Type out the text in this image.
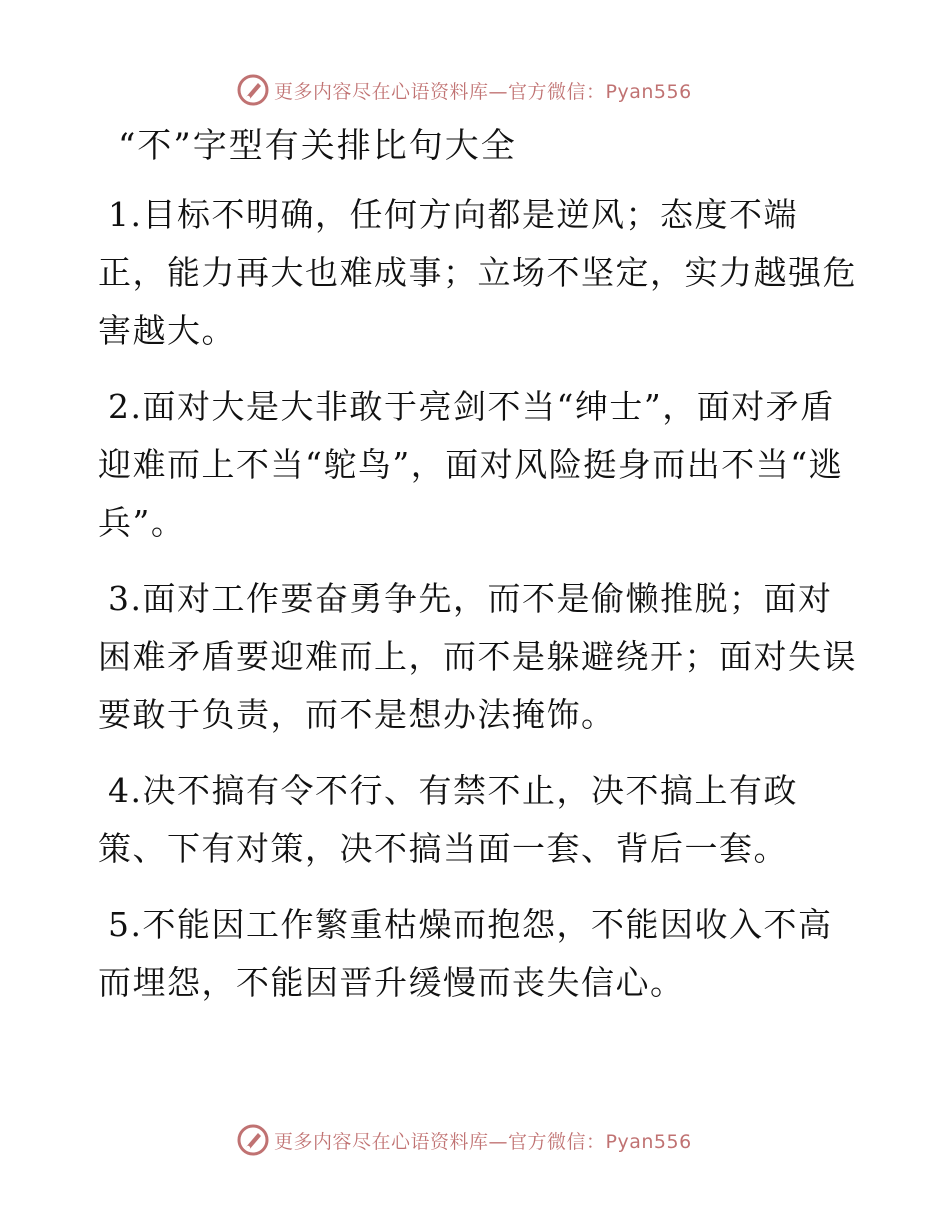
更多内容尽在心语资料库—官方微信：Pyan556
“不”字型有关排比句大全

1.目标不明确，任何方向都是逆风；态度不端正，能力再大也难成事；立场不坚定，实力越强危害越大。

2.面对大是大非敢于亮剑不当“绅士”，面对矛盾迎难而上不当“鸵鸟”，面对风险挺身而出不当“逃兵”。

3.面对工作要奋勇争先，而不是偷懒推脱；面对困难矛盾要迎难而上，而不是躲避绕开；面对失误要敢于负责，而不是想办法掩饰。

4.决不搞有令不行、有禁不止，决不搞上有政策、下有对策，决不搞当面一套、背后一套。

5.不能因工作繁重枯燥而抱怨，不能因收入不高而埋怨，不能因晋升缓慢而丧失信心。

更多内容尽在心语资料库—官方微信：Pyan556
